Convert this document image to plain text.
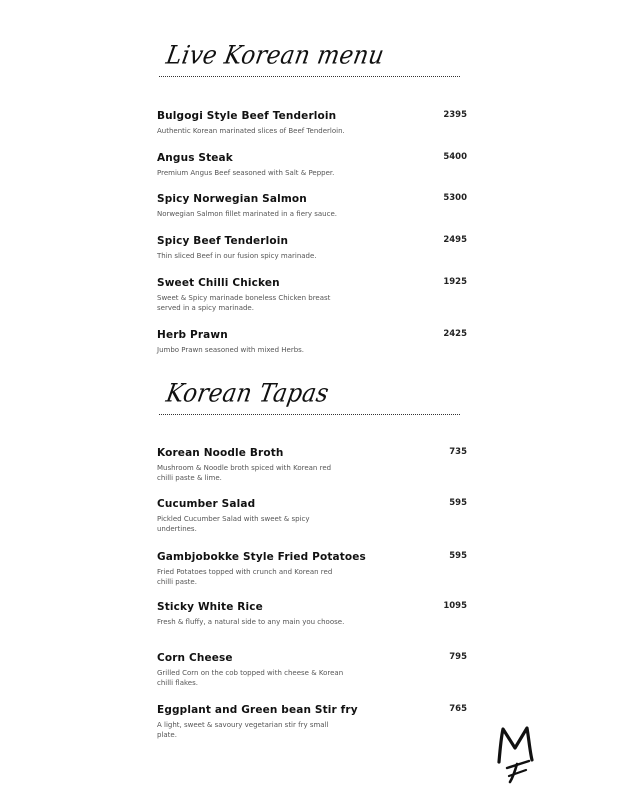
Live Korean menu
Bulgogi Style Beef Tenderloin
Authentic Korean marinated slices of Beef Tenderloin.
2395
Angus Steak
Premium Angus Beef seasoned with Salt & Pepper.
5400
Spicy Norwegian Salmon
Norwegian Salmon fillet marinated in a fiery sauce.
5300
Spicy Beef Tenderloin
Thin sliced Beef in our fusion spicy marinade.
2495
Sweet Chilli Chicken
Sweet & Spicy marinade boneless Chicken breast served in a spicy marinade.
1925
Herb Prawn
Jumbo Prawn seasoned with mixed Herbs.
2425
Korean Tapas
Korean Noodle Broth
Mushroom & Noodle broth spiced with Korean red chilli paste & lime.
735
Cucumber Salad
Pickled Cucumber Salad with sweet & spicy undertines.
595
Gambjobokke Style Fried Potatoes
Fried Potatoes topped with crunch and Korean red chilli paste.
595
Sticky White Rice
Fresh & fluffy, a natural side to any main you choose.
1095
Corn Cheese
Grilled Corn on the cob topped with cheese & Korean chilli flakes.
795
Eggplant and Green bean Stir fry
A light, sweet & savoury vegetarian stir fry small plate.
765
